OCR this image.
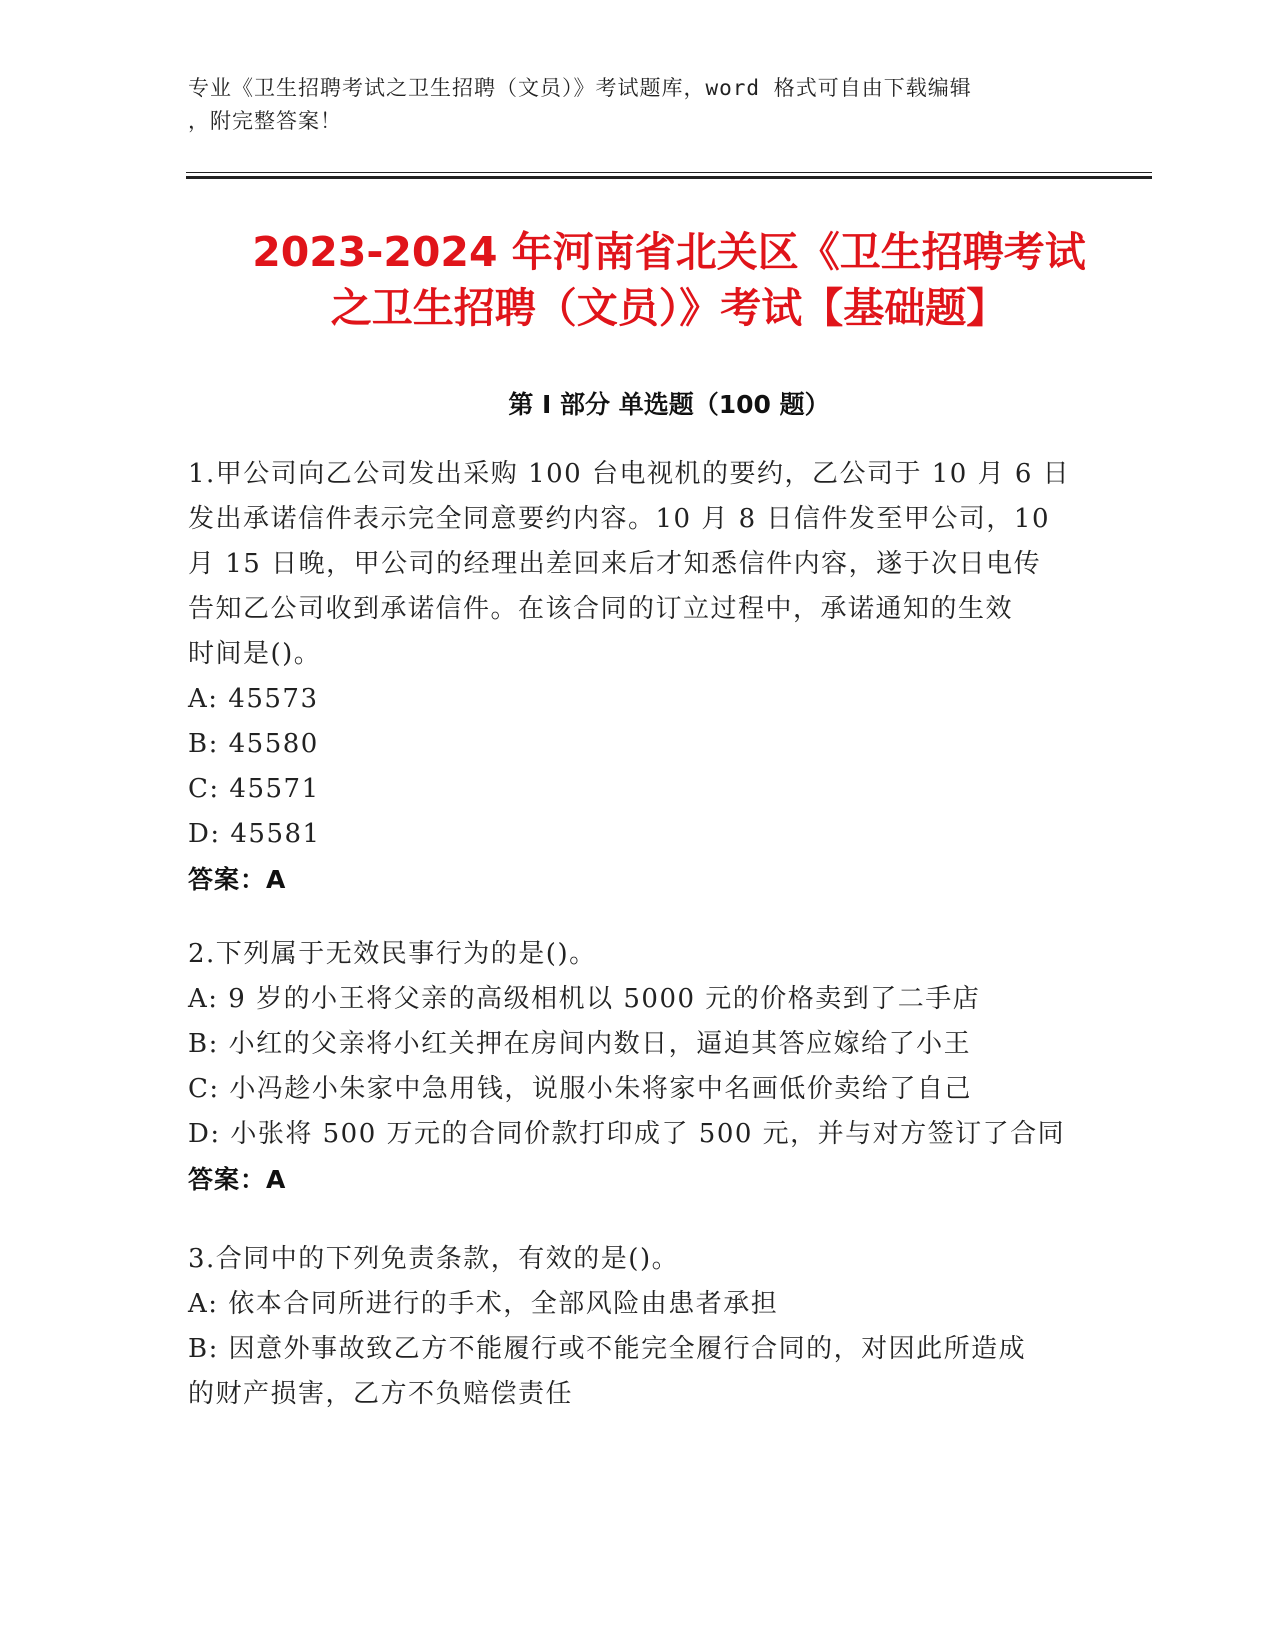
专业《卫生招聘考试之卫生招聘（文员）》考试题库，word 格式可自由下载编辑
，附完整答案！
2023-2024 年河南省北关区《卫生招聘考试
之卫生招聘（文员）》考试【基础题】
第 I 部分 单选题（100 题）
1.甲公司向乙公司发出采购 100 台电视机的要约，乙公司于 10 月 6 日
发出承诺信件表示完全同意要约内容。10 月 8 日信件发至甲公司，10
月 15 日晚，甲公司的经理出差回来后才知悉信件内容，遂于次日电传
告知乙公司收到承诺信件。在该合同的订立过程中，承诺通知的生效
时间是()。
A: 45573
B: 45580
C: 45571
D: 45581
答案：A
2.下列属于无效民事行为的是()。
A: 9 岁的小王将父亲的高级相机以 5000 元的价格卖到了二手店
B: 小红的父亲将小红关押在房间内数日，逼迫其答应嫁给了小王
C: 小冯趁小朱家中急用钱，说服小朱将家中名画低价卖给了自己
D: 小张将 500 万元的合同价款打印成了 500 元，并与对方签订了合同
答案：A
3.合同中的下列免责条款，有效的是()。
A: 依本合同所进行的手术，全部风险由患者承担
B: 因意外事故致乙方不能履行或不能完全履行合同的，对因此所造成
的财产损害，乙方不负赔偿责任
